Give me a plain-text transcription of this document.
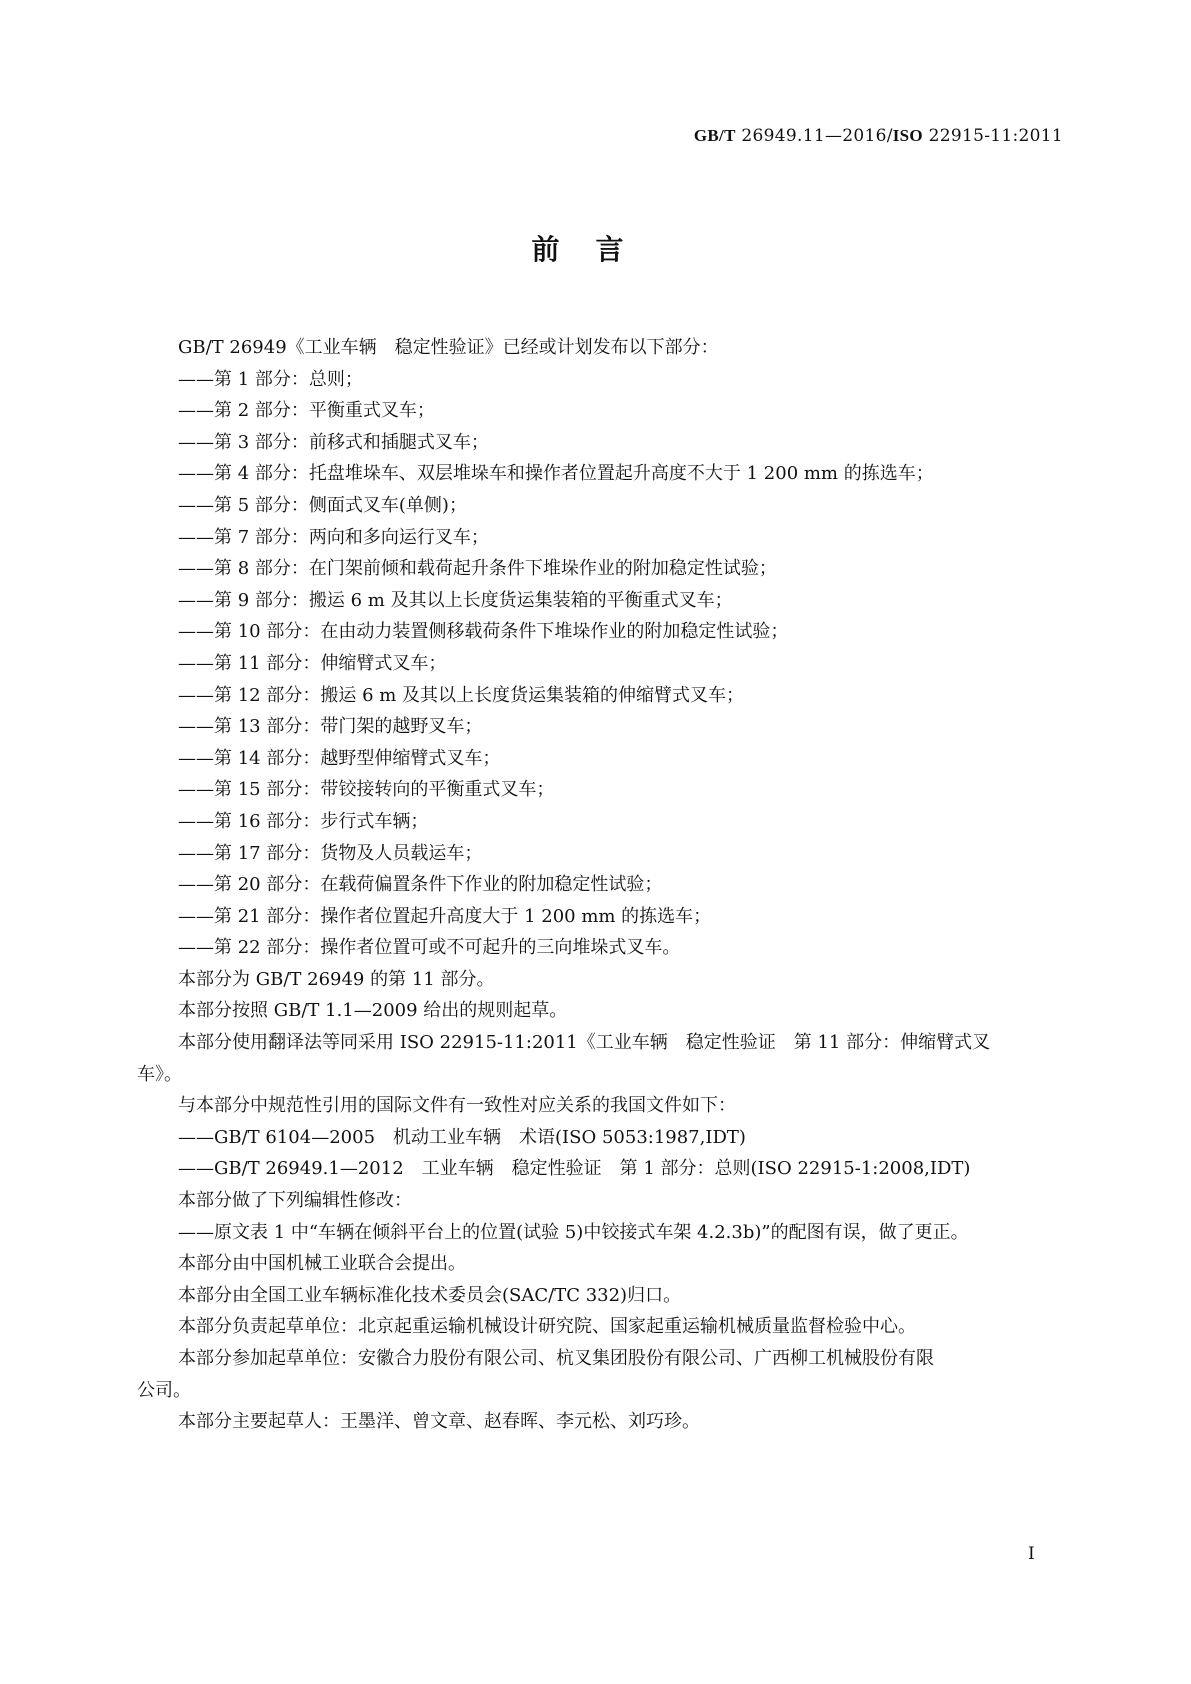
GB/T 26949.11—2016/ISO 22915-11:2011
前言
GB/T 26949《工业车辆　稳定性验证》已经或计划发布以下部分：
——第 1 部分：总则；
——第 2 部分：平衡重式叉车；
——第 3 部分：前移式和插腿式叉车；
——第 4 部分：托盘堆垛车、双层堆垛车和操作者位置起升高度不大于 1 200 mm 的拣选车；
——第 5 部分：侧面式叉车(单侧)；
——第 7 部分：两向和多向运行叉车；
——第 8 部分：在门架前倾和载荷起升条件下堆垛作业的附加稳定性试验；
——第 9 部分：搬运 6 m 及其以上长度货运集装箱的平衡重式叉车；
——第 10 部分：在由动力装置侧移载荷条件下堆垛作业的附加稳定性试验；
——第 11 部分：伸缩臂式叉车；
——第 12 部分：搬运 6 m 及其以上长度货运集装箱的伸缩臂式叉车；
——第 13 部分：带门架的越野叉车；
——第 14 部分：越野型伸缩臂式叉车；
——第 15 部分：带铰接转向的平衡重式叉车；
——第 16 部分：步行式车辆；
——第 17 部分：货物及人员载运车；
——第 20 部分：在载荷偏置条件下作业的附加稳定性试验；
——第 21 部分：操作者位置起升高度大于 1 200 mm 的拣选车；
——第 22 部分：操作者位置可或不可起升的三向堆垛式叉车。
本部分为 GB/T 26949 的第 11 部分。
本部分按照 GB/T 1.1—2009 给出的规则起草。
本部分使用翻译法等同采用 ISO 22915-11:2011《工业车辆　稳定性验证　第 11 部分：伸缩臂式叉
车》。
与本部分中规范性引用的国际文件有一致性对应关系的我国文件如下：
——GB/T 6104—2005　机动工业车辆　术语(ISO 5053:1987,IDT)
——GB/T 26949.1—2012　工业车辆　稳定性验证　第 1 部分：总则(ISO 22915-1:2008,IDT)
本部分做了下列编辑性修改：
——原文表 1 中“车辆在倾斜平台上的位置(试验 5)中铰接式车架 4.2.3b)”的配图有误，做了更正。
本部分由中国机械工业联合会提出。
本部分由全国工业车辆标准化技术委员会(SAC/TC 332)归口。
本部分负责起草单位：北京起重运输机械设计研究院、国家起重运输机械质量监督检验中心。
本部分参加起草单位：安徽合力股份有限公司、杭叉集团股份有限公司、广西柳工机械股份有限
公司。
本部分主要起草人：王墨洋、曾文章、赵春晖、李元松、刘巧珍。
I
